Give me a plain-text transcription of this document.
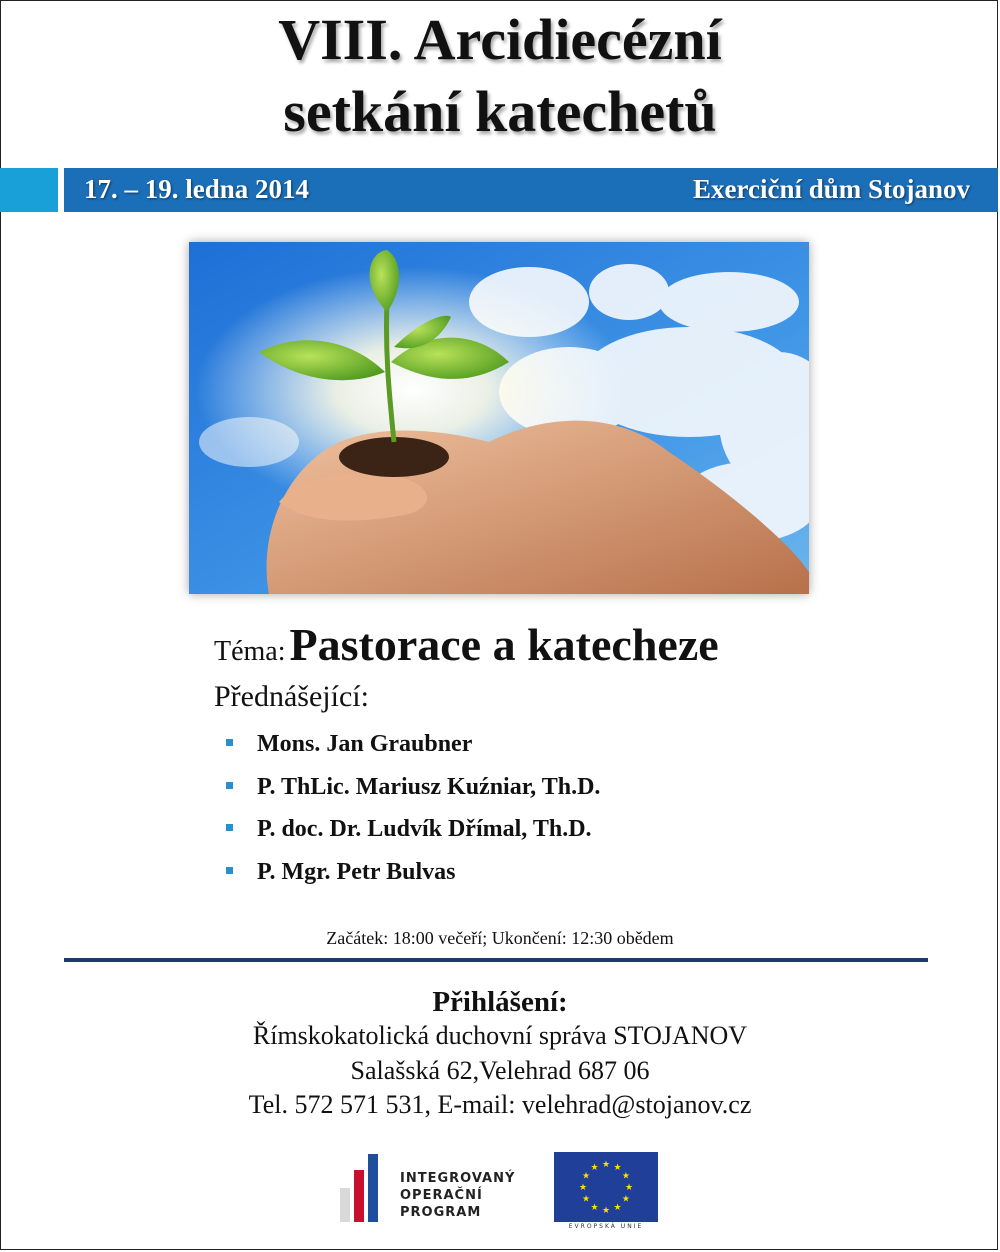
VIII. Arcidiecézní
setkání katechetů
17. – 19. ledna 2014	Exerciční dům Stojanov
Téma: Pastorace a katecheze
Přednášející:
Mons. Jan Graubner
P. ThLic. Mariusz Kuźniar, Th.D.
P. doc. Dr. Ludvík Dřímal, Th.D.
P. Mgr. Petr Bulvas
Začátek: 18:00 večeří; Ukončení: 12:30 obědem
Přihlášení:
Římskokatolická duchovní správa STOJANOV
Salašská 62,Velehrad 687 06
Tel. 572 571 531, E-mail: velehrad@stojanov.cz
INTEGROVANÝ
OPERAČNÍ
PROGRAM
★ ★
★
★
★
★
★
★
★
★
★
★
EVROPSKÁ UNIE
